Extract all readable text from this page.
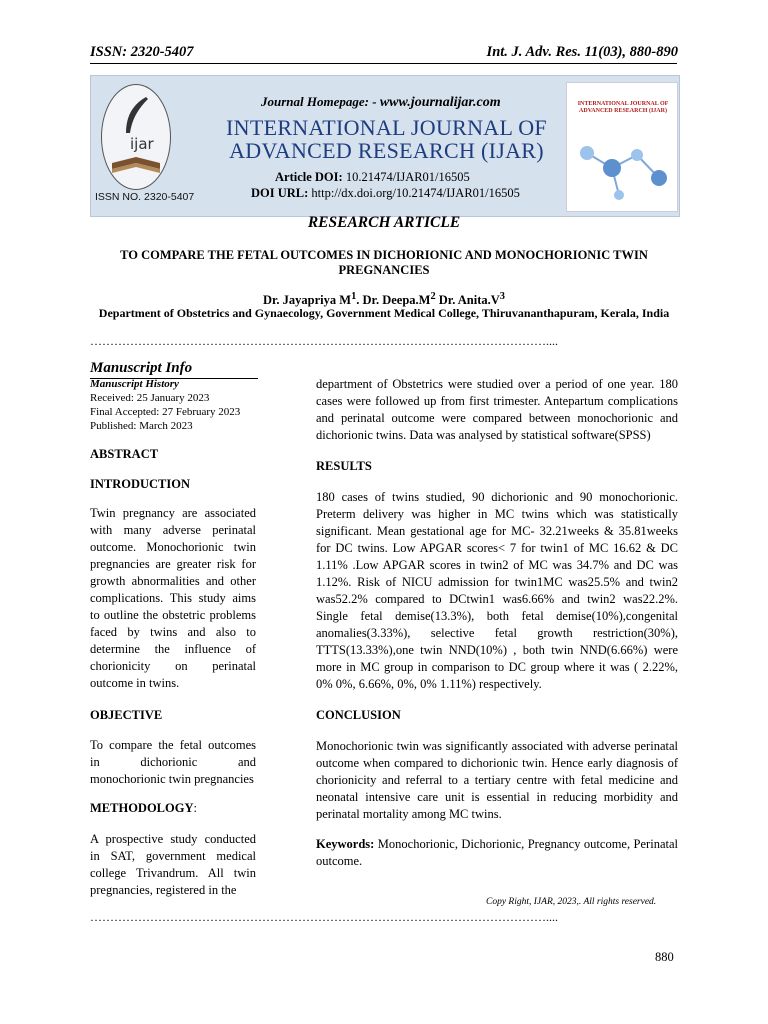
ISSN: 2320-5407	Int. J. Adv. Res. 11(03), 880-890
ijar
ISSN NO. 2320-5407
Journal Homepage: - www.journalijar.com
INTERNATIONAL JOURNAL OF ADVANCED RESEARCH (IJAR)
Article DOI: 10.21474/IJAR01/16505
DOI URL: http://dx.doi.org/10.21474/IJAR01/16505
INTERNATIONAL JOURNAL OF ADVANCED RESEARCH (IJAR)
RESEARCH ARTICLE
TO COMPARE THE FETAL OUTCOMES IN DICHORIONIC AND MONOCHORIONIC TWIN PREGNANCIES
Dr. Jayapriya $M^1$. Dr. $Deepa.M^2$ Dr. $Anita.V^3$
Department of Obstetrics and Gynaecology, Government Medical College, Thiruvananthapuram, Kerala, India
……………………………………………………………………………………………………....
Manuscript Info
Manuscript History
Received: 25 January 2023
Final Accepted: 27 February 2023
Published: March 2023
ABSTRACT
INTRODUCTION
Twin pregnancy are associated with many adverse perinatal outcome. Monochorionic twin pregnancies are greater risk for growth abnormalities and other complications. This study aims to outline the obstetric problems faced by twins and also to determine the influence of chorionicity on perinatal outcome in twins.
OBJECTIVE
To compare the fetal outcomes in dichorionic and monochorionic twin pregnancies
METHODOLOGY:
A prospective study conducted in SAT, government medical college Trivandrum. All twin pregnancies, registered in the
department of Obstetrics were studied over a period of one year. 180 cases were followed up from first trimester. Antepartum complications and perinatal outcome were compared between monochorionic and dichorionic twins. Data was analysed by statistical software(SPSS)
RESULTS
180 cases of twins studied, 90 dichorionic and 90 monochorionic. Preterm delivery was higher in MC twins which was statistically significant. Mean gestational age for MC- 32.21weeks & 35.81weeks for DC twins. Low APGAR scores< 7 for twin1 of MC 16.62 & DC 1.11% .Low APGAR scores in twin2 of MC was 34.7% and DC was 1.12%. Risk of NICU admission for twin1MC was25.5% and twin2 was52.2% compared to DCtwin1 was6.66% and twin2 was22.2%. Single fetal demise(13.3%), both fetal demise(10%),congenital anomalies(3.33%), selective fetal growth restriction(30%), TTTS(13.33%),one twin NND(10%) , both twin NND(6.66%) were more in MC group in comparison to DC group where it was ( 2.22%, 0% 0%, 6.66%, 0%, 0% 1.11%) respectively.
CONCLUSION
Monochorionic twin was significantly associated with adverse perinatal outcome when compared to dichorionic twin. Hence early diagnosis of chorionicity and referral to a tertiary centre with fetal medicine and neonatal intensive care unit is essential in reducing morbidity and perinatal mortality among MC twins.
Keywords: Monochorionic, Dichorionic, Pregnancy outcome, Perinatal outcome.
Copy Right, IJAR, 2023,. All rights reserved.
……………………………………………………………………………………………………....
880
